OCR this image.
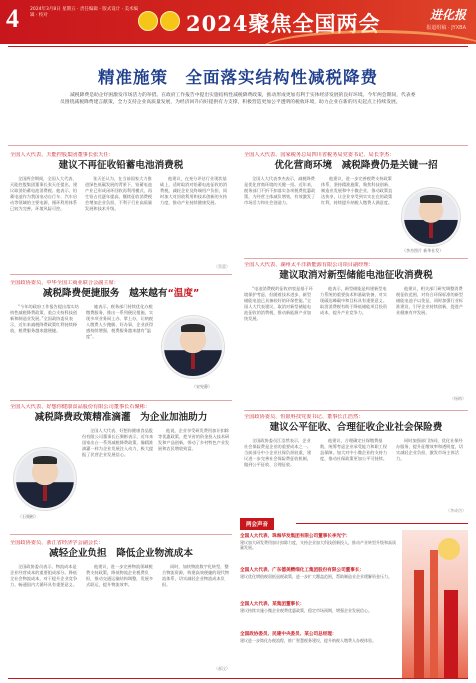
4 2024年3月8日 星期五 · 责任编辑 · 版式设计 · 美术编辑 · 校对	2024聚焦全国两会	进化报
报道组稿 · JYXBA
精准施策　全面落实结构性减税降费
减税降费是助企纾困激发市场活力的举措。在政府工作报告中提出实施结构性减税降费政策，推动形成更加有利于实体经济发展的良好环境。今年两会期间，代表委员围绕减税降费建言献策，全力支持企业高质量发展，为经济回升向好提供有力支撑，积极营造更加公平透明的税收环境，助力企业在新的历史起点上持续发展。
全国人大代表、天能控股集团董事长张天任：
建议不再征收铅蓄电池消费税

全国两会期间，全国人大代表、天能控股集团董事长张天任提出，建议取消铅蓄电池消费税。他表示，铅蓄电池作为我国电动自行车、汽车启动等领域的主要电源，循环利用体系已较为完善，环境风险可控。

张天任认为，在当前国家大力推进绿色低碳发展的背景下，铅蓄电池产业已形成闭环回收再利用模式，再生铅占比逐年提高，继续征收消费税会增加企业负担，不利于行业高质量发展和技术升级。

他建议，在充分评估行业现状基础上，适时取消对铅蓄电池征收的消费税，减轻企业及终端用户负担，同时加大对回收利用和技术创新的支持力度，推动产业持续健康发展。

（蔡蕾）
全国人大代表、国家税务总局四川省税务局党委书记、局长李杰：
优化营商环境　减税降费仍是关键一招

全国人大代表李杰表示，减税降费是优化营商环境的关键一招。近年来，税务部门不折不扣落实各项税费优惠政策，为经营主体减负增效，有效激发了市场活力和社会创造力。

他建议，进一步完善税费支持政策体系，坚持精准施策，聚焦科技创新、制造业发展和中小微企业，推动政策直达快享，让企业享受到实实在在的政策红利，持续提升纳税人缴费人满意度。

（李杰图片 新华社发）
全国人大代表、湖州太平洋新能源有限公司项目副经理：
建议取消对新型储能电池征收消费税

“电池消费税的征收初衷是基于环境保护考虑，但随着技术进步，新型储能电池已具备较好的环保性能。”全国人大代表建议，取消对新型储能电池征收的消费税，推动新能源产业加快发展。

他表示，新型储能是构建新型电力系统的重要技术和基础装备，对实现碳达峰碳中和目标具有重要意义。取消消费税有助于降低储能项目投资成本，提升产业竞争力。

他建议，相关部门研究调整消费税征收范围，对符合环保标准的新型储能电池予以免征，同时加强行业标准建设，引导企业持续创新，促进产业健康有序发展。

（杨梅）
全国政协委员、中华全国工商业联合会副主席：
减税降费便捷服务　越来越有“温度”

“今年的政府工作报告提出落实结构性减税降费政策，重点支持科技创新和制造业发展。”全国政协委员表示，近年来减税降费政策红利持续释放，税费服务越来越便捷。

她表示，税务部门持续优化办税缴费服务，推出一系列便民措施，实现多项业务网上办、掌上办，让纳税人缴费人少跑腿、好办事，企业获得感持续增强，税费服务越来越有“温度”。

（宋宪静）
全国人大代表、好想你健康食品股份有限公司董事长石聚彬：
减税降费政策精准滴灌　为企业加油助力
（石聚彬）

全国人大代表、好想你健康食品股份有限公司董事长石聚彬表示，近年来国家出台一系列减税降费政策，像精准滴灌一样为企业发展注入动力，极大提振了民营企业发展信心。

他说，企业享受研发费用加计扣除等优惠政策，把节省的资金投入技术研发和产品创新，带动了乡村特色产业发展和农民增收致富。

全国政协委员、恒银科技党委书记、董事长江浩然：
建议公平征收、合理征收企业社会保险费

全国政协委员江浩然表示，企业社会保险费是企业的重要成本之一。当前部分中小企业社保负担较重，建议进一步完善社会保险费征收机制，做到公平征收、合理征收。

他建议，合理确定社保缴费基数，统筹考虑企业承受能力和职工权益保障，加大对中小微企业的支持力度，推动社保政策更加公平可持续。

同时加强部门协同，优化社保经办服务，提升征缴效率和透明度，切实减轻企业负担，激发市场主体活力。

（李成功）
全国政协委员、浙江省经济学会副会长：
减轻企业负担　降低企业物流成本

全国政协委员表示，物流成本是企业经营成本的重要组成部分。降低全社会物流成本，对于提升企业竞争力、畅通国内大循环具有重要意义。

他建议，进一步完善物流领域税费支持政策，降低物流企业税费负担，推动交通运输结构调整，发展多式联运，提升物流效率。

同时，加快物流数字化转型，整合物流资源，构建高效便捷的现代物流体系，切实减轻企业物流成本负担。

（郝汶）
两会声音
全国人大代表、珠海华发集团有限公司董事长李光宁：
建议加大研发费用加计扣除力度，支持企业加大科技创新投入，推动产业转型升级和高质量发展。
全国人大代表、广东德美精细化工集团股份有限公司董事长：
建议优化增值税留抵退税政策，进一步扩大覆盖范围，帮助制造业企业缓解资金压力。
全国人大代表、某集团董事长：
建议持续实施小微企业税费优惠政策，稳定市场预期，增强企业发展信心。
全国政协委员、民建中央委员、某公司总经理：
建议进一步简化办税流程，推广智慧税务建设，提升纳税人缴费人办税体验。
